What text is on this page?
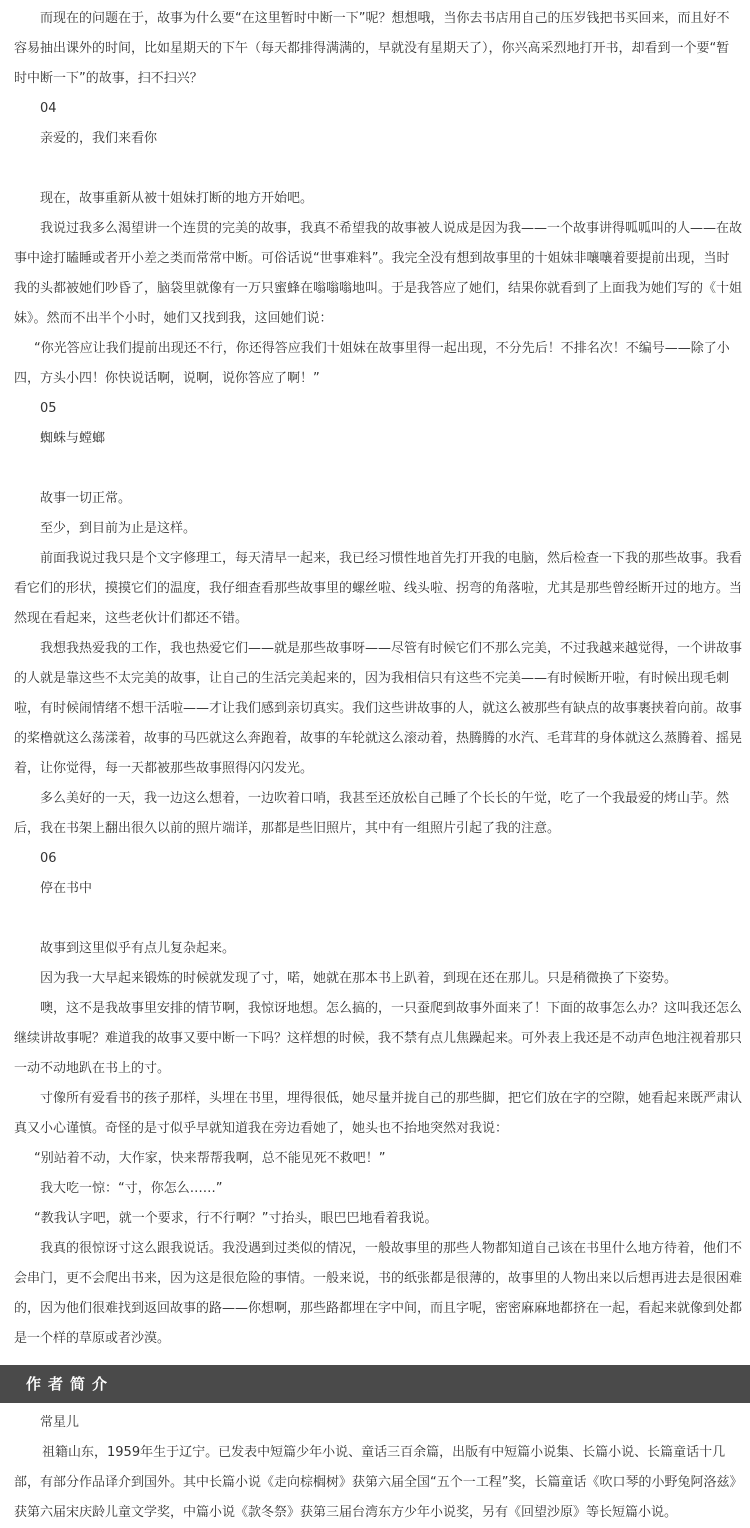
而现在的问题在于，故事为什么要“在这里暂时中断一下”呢？想想哦，当你去书店用自己的压岁钱把书买回来，而且好不容易抽出课外的时间，比如星期天的下午（每天都排得满满的，早就没有星期天了），你兴高采烈地打开书，却看到一个要“暂时中断一下”的故事，扫不扫兴？

04

亲爱的，我们来看你

现在，故事重新从被十姐妹打断的地方开始吧。

我说过我多么渴望讲一个连贯的完美的故事，我真不希望我的故事被人说成是因为我——一个故事讲得呱呱叫的人——在故事中途打瞌睡或者开小差之类而常常中断。可俗话说“世事难料”。我完全没有想到故事里的十姐妹非嚷嚷着要提前出现，当时我的头都被她们吵昏了，脑袋里就像有一万只蜜蜂在嗡嗡嗡地叫。于是我答应了她们，结果你就看到了上面我为她们写的《十姐妹》。然而不出半个小时，她们又找到我，这回她们说：

“你光答应让我们提前出现还不行，你还得答应我们十姐妹在故事里得一起出现，不分先后！不排名次！不编号——除了小四，方头小四！你快说话啊，说啊，说你答应了啊！”

05

蜘蛛与螳螂

故事一切正常。

至少，到目前为止是这样。

前面我说过我只是个文字修理工，每天清早一起来，我已经习惯性地首先打开我的电脑，然后检查一下我的那些故事。我看看它们的形状，摸摸它们的温度，我仔细查看那些故事里的螺丝啦、线头啦、拐弯的角落啦，尤其是那些曾经断开过的地方。当然现在看起来，这些老伙计们都还不错。

我想我热爱我的工作，我也热爱它们——就是那些故事呀——尽管有时候它们不那么完美，不过我越来越觉得，一个讲故事的人就是靠这些不太完美的故事，让自己的生活完美起来的，因为我相信只有这些不完美——有时候断开啦，有时候出现毛刺啦，有时候闹情绪不想干活啦——才让我们感到亲切真实。我们这些讲故事的人，就这么被那些有缺点的故事裹挟着向前。故事的桨橹就这么荡漾着，故事的马匹就这么奔跑着，故事的车轮就这么滚动着，热腾腾的水汽、毛茸茸的身体就这么蒸腾着、摇晃着，让你觉得，每一天都被那些故事照得闪闪发光。

多么美好的一天，我一边这么想着，一边吹着口哨，我甚至还放松自己睡了个长长的午觉，吃了一个我最爱的烤山芋。然后，我在书架上翻出很久以前的照片端详，那都是些旧照片，其中有一组照片引起了我的注意。

06

停在书中

故事到这里似乎有点儿复杂起来。

因为我一大早起来锻炼的时候就发现了寸，喏，她就在那本书上趴着，到现在还在那儿。只是稍微换了下姿势。

噢，这不是我故事里安排的情节啊，我惊讶地想。怎么搞的，一只蚕爬到故事外面来了！下面的故事怎么办？这叫我还怎么继续讲故事呢？难道我的故事又要中断一下吗？这样想的时候，我不禁有点儿焦躁起来。可外表上我还是不动声色地注视着那只一动不动地趴在书上的寸。

寸像所有爱看书的孩子那样，头埋在书里，埋得很低，她尽量并拢自己的那些脚，把它们放在字的空隙，她看起来既严肃认真又小心谨慎。奇怪的是寸似乎早就知道我在旁边看她了，她头也不抬地突然对我说：

“别站着不动，大作家，快来帮帮我啊，总不能见死不救吧！”

我大吃一惊：“寸，你怎么……”

“教我认字吧，就一个要求，行不行啊？”寸抬头，眼巴巴地看着我说。

我真的很惊讶寸这么跟我说话。我没遇到过类似的情况，一般故事里的那些人物都知道自己该在书里什么地方待着，他们不会串门，更不会爬出书来，因为这是很危险的事情。一般来说，书的纸张都是很薄的，故事里的人物出来以后想再进去是很困难的，因为他们很难找到返回故事的路——你想啊，那些路都埋在字中间，而且字呢，密密麻麻地都挤在一起，看起来就像到处都是一个样的草原或者沙漠。

作者简介

常星儿

祖籍山东，1959年生于辽宁。已发表中短篇少年小说、童话三百余篇，出版有中短篇小说集、长篇小说、长篇童话十几部，有部分作品译介到国外。其中长篇小说《走向棕榈树》获第六届全国“五个一工程”奖，长篇童话《吹口琴的小野兔阿洛兹》获第六届宋庆龄儿童文学奖，中篇小说《款冬祭》获第三届台湾东方少年小说奖，另有《回望沙原》等长短篇小说。
